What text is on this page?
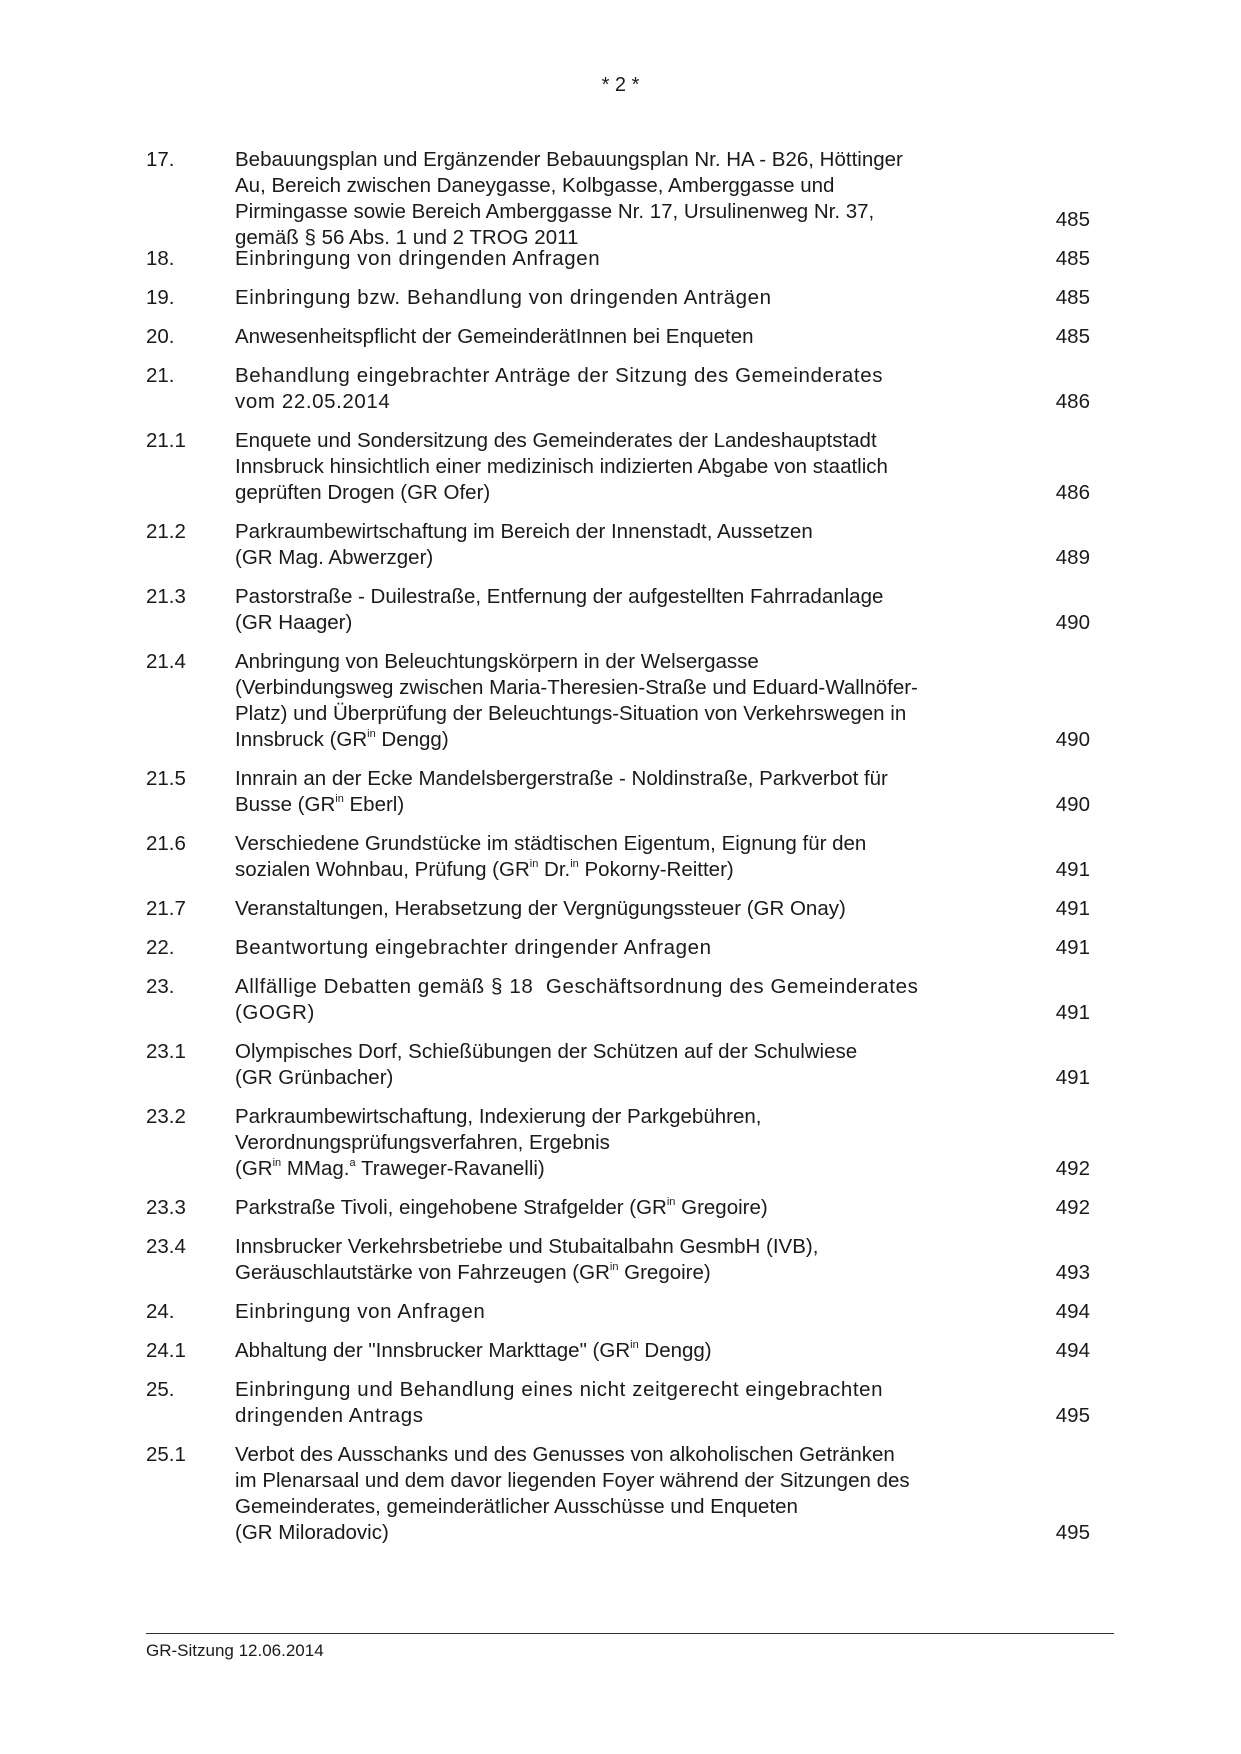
* 2 *
17.	Bebauungsplan und Ergänzender Bebauungsplan Nr. HA - B26, Höttinger
Au, Bereich zwischen Daneygasse, Kolbgasse, Amberggasse und
Pirmingasse sowie Bereich Amberggasse Nr. 17, Ursulinenweg Nr. 37,
gemäß § 56 Abs. 1 und 2 TROG 2011
485
18.	Einbringung von dringenden Anfragen	485
19.	Einbringung bzw. Behandlung von dringenden Anträgen	485
20.	Anwesenheitspflicht der GemeinderätInnen bei Enqueten	485
21.	Behandlung eingebrachter Anträge der Sitzung des Gemeinderates
vom 22.05.2014	486
21.1 Enquete und Sondersitzung des Gemeinderates der Landeshauptstadt
Innsbruck hinsichtlich einer medizinisch indizierten Abgabe von staatlich
geprüften Drogen (GR Ofer)	486
21.2 Parkraumbewirtschaftung im Bereich der Innenstadt, Aussetzen
(GR Mag. Abwerzger)	489
21.3 Pastorstraße - Duilestraße, Entfernung der aufgestellten Fahrradanlage
(GR Haager)	490
21.4 Anbringung von Beleuchtungskörpern in der Welsergasse
(Verbindungsweg zwischen Maria-Theresien-Straße und Eduard-Wallnöfer-
Platz) und Überprüfung der Beleuchtungs-Situation von Verkehrswegen in
Innsbruck ($GR^{in}$ Dengg)	490
21.5 Innrain an der Ecke Mandelsbergerstraße - Noldinstraße, Parkverbot für
Busse ($GR^{in}$ Eberl)	490
21.6 Verschiedene Grundstücke im städtischen Eigentum, Eignung für den
sozialen Wohnbau, Prüfung ($GR^{in}$ Dr.$^{in}$ Pokorny-Reitter)	491
21.7 Veranstaltungen, Herabsetzung der Vergnügungssteuer (GR Onay)	491
22.	Beantwortung eingebrachter dringender Anfragen	491
23.	Allfällige Debatten gemäß § 18  Geschäftsordnung des Gemeinderates
(GOGR)	491
23.1 Olympisches Dorf, Schießübungen der Schützen auf der Schulwiese
(GR Grünbacher)	491
23.2 Parkraumbewirtschaftung, Indexierung der Parkgebühren,
Verordnungsprüfungsverfahren, Ergebnis
($GR^{in}$ MMag.$^a$ Traweger-Ravanelli)	492
23.3 Parkstraße Tivoli, eingehobene Strafgelder ($GR^{in}$ Gregoire)	492
23.4 Innsbrucker Verkehrsbetriebe und Stubaitalbahn GesmbH (IVB),
Geräuschlautstärke von Fahrzeugen ($GR^{in}$ Gregoire)	493
24.	Einbringung von Anfragen	494
24.1 Abhaltung der "Innsbrucker Markttage" ($GR^{in}$ Dengg)	494
25.	Einbringung und Behandlung eines nicht zeitgerecht eingebrachten
dringenden Antrags	495
25.1 Verbot des Ausschanks und des Genusses von alkoholischen Getränken
im Plenarsaal und dem davor liegenden Foyer während der Sitzungen des
Gemeinderates, gemeinderätlicher Ausschüsse und Enqueten
(GR Miloradovic)	495
GR-Sitzung 12.06.2014
